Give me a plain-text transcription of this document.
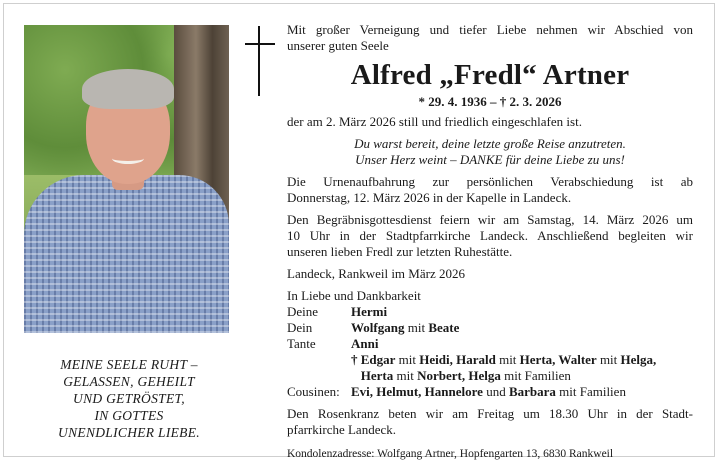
MEINE SEELE RUHT –
GELASSEN, GEHEILT
UND GETRÖSTET,
IN GOTTES
UNENDLICHER LIEBE.
Mit großer Verneigung und tiefer Liebe nehmen wir Abschied von
unserer guten Seele
Alfred „Fredl“ Artner
* 29. 4. 1936 – † 2. 3. 2026
der am 2. März 2026 still und friedlich eingeschlafen ist.
Du warst bereit, deine letzte große Reise anzutreten.
Unser Herz weint – DANKE für deine Liebe zu uns!
Die Urnenaufbahrung zur persönlichen Verabschiedung ist ab
Donnerstag, 12. März 2026 in der Kapelle in Landeck.
Den Begräbnisgottesdienst feiern wir am Samstag, 14. März 2026 um
10 Uhr in der Stadtpfarrkirche Landeck. Anschließend begleiten wir
unseren lieben Fredl zur letzten Ruhestätte.
Landeck, Rankweil im März 2026
In Liebe und Dankbarkeit
Deine	Hermi
Dein	Wolfgang mit Beate
Tante	Anni
† Edgar mit Heidi, Harald mit Herta, Walter mit Helga,
Herta mit Norbert, Helga mit Familien
Cousinen: Evi, Helmut, Hannelore und Barbara mit Familien
Den Rosenkranz beten wir am Freitag um 18.30 Uhr in der Stadt-
pfarrkirche Landeck.
Kondolenzadresse: Wolfgang Artner, Hopfengarten 13, 6830 Rankweil
